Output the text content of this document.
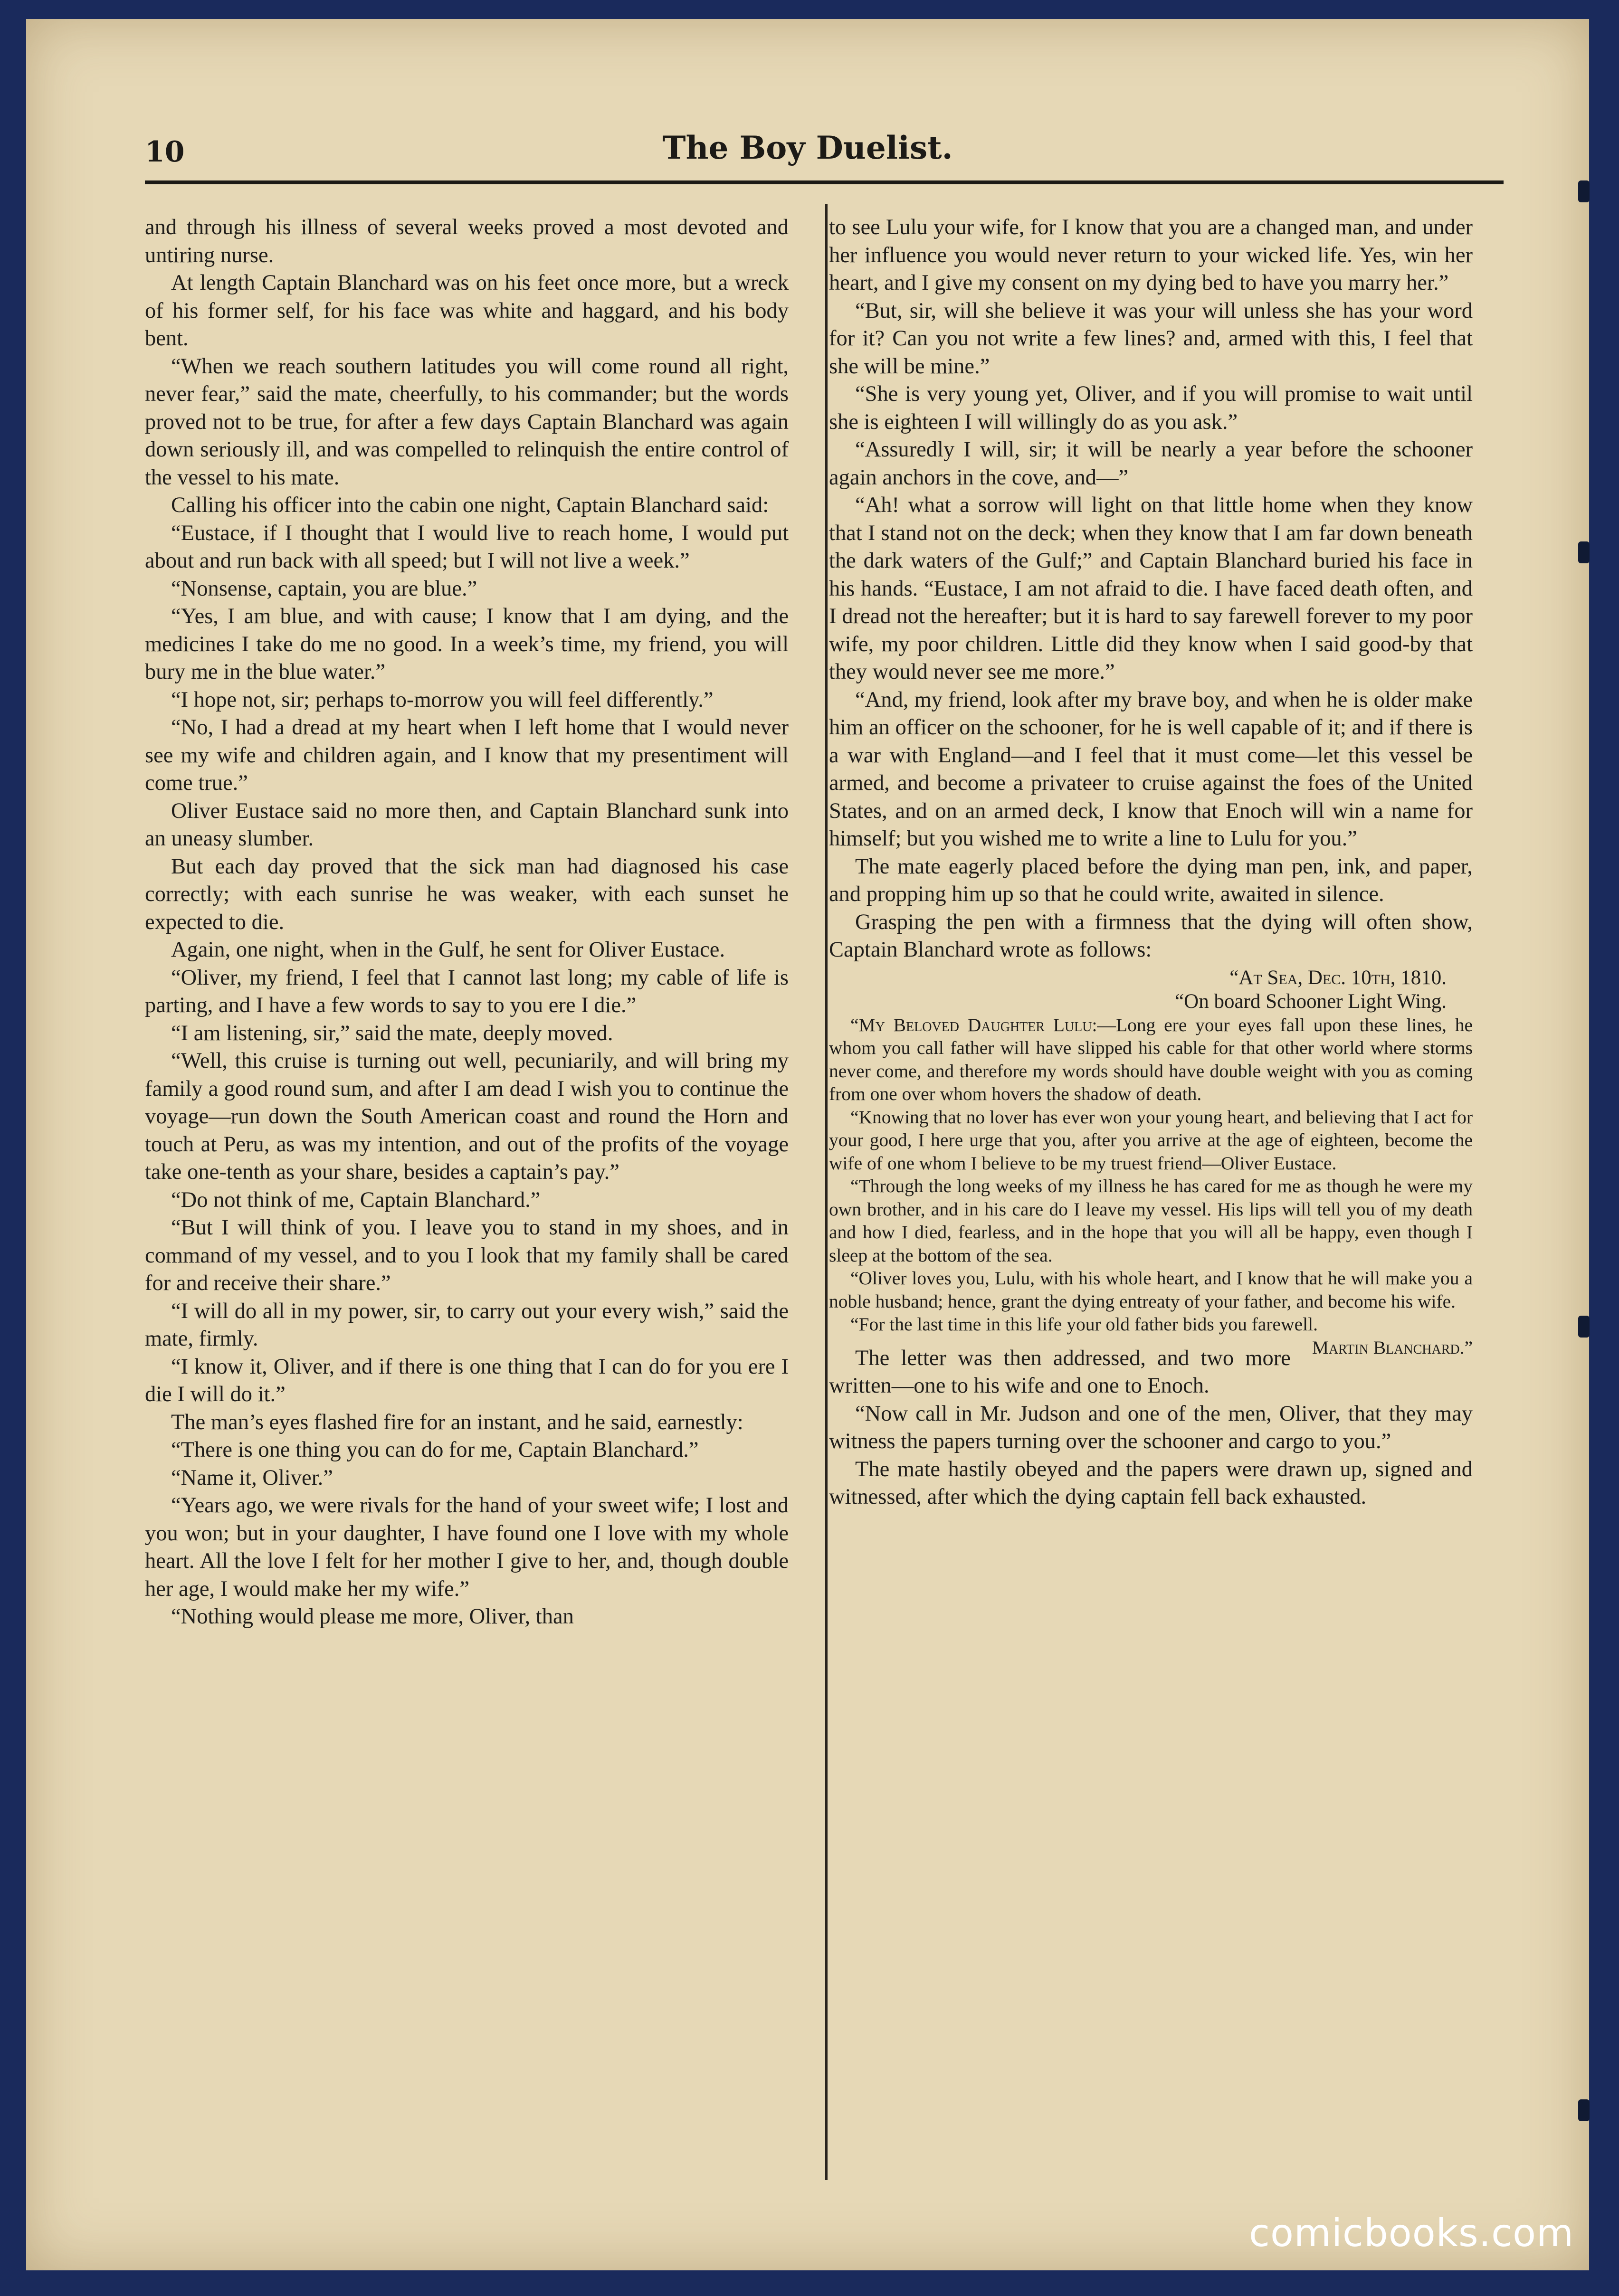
10	The Boy Duelist.

and through his illness of several weeks proved a most devoted and untiring nurse.

At length Captain Blanchard was on his feet once more, but a wreck of his former self, for his face was white and haggard, and his body bent.

“When we reach southern latitudes you will come round all right, never fear,” said the mate, cheerfully, to his commander; but the words proved not to be true, for after a few days Captain Blanchard was again down seriously ill, and was compelled to relinquish the entire control of the vessel to his mate.

Calling his officer into the cabin one night, Captain Blanchard said:

“Eustace, if I thought that I would live to reach home, I would put about and run back with all speed; but I will not live a week.”

“Nonsense, captain, you are blue.”

“Yes, I am blue, and with cause; I know that I am dying, and the medicines I take do me no good. In a week’s time, my friend, you will bury me in the blue water.”

“I hope not, sir; perhaps to-morrow you will feel differently.”

“No, I had a dread at my heart when I left home that I would never see my wife and children again, and I know that my presentiment will come true.”

Oliver Eustace said no more then, and Captain Blanchard sunk into an uneasy slumber.

But each day proved that the sick man had diagnosed his case correctly; with each sunrise he was weaker, with each sunset he expected to die.

Again, one night, when in the Gulf, he sent for Oliver Eustace.

“Oliver, my friend, I feel that I cannot last long; my cable of life is parting, and I have a few words to say to you ere I die.”

“I am listening, sir,” said the mate, deeply moved.

“Well, this cruise is turning out well, pecuniarily, and will bring my family a good round sum, and after I am dead I wish you to continue the voyage—run down the South American coast and round the Horn and touch at Peru, as was my intention, and out of the profits of the voyage take one-tenth as your share, besides a captain’s pay.”

“Do not think of me, Captain Blanchard.”

“But I will think of you. I leave you to stand in my shoes, and in command of my vessel, and to you I look that my family shall be cared for and receive their share.”

“I will do all in my power, sir, to carry out your every wish,” said the mate, firmly.

“I know it, Oliver, and if there is one thing that I can do for you ere I die I will do it.”

The man’s eyes flashed fire for an instant, and he said, earnestly:

“There is one thing you can do for me, Captain Blanchard.”

“Name it, Oliver.”

“Years ago, we were rivals for the hand of your sweet wife; I lost and you won; but in your daughter, I have found one I love with my whole heart. All the love I felt for her mother I give to her, and, though double her age, I would make her my wife.”

“Nothing would please me more, Oliver, than

to see Lulu your wife, for I know that you are a changed man, and under her influence you would never return to your wicked life. Yes, win her heart, and I give my consent on my dying bed to have you marry her.”

“But, sir, will she believe it was your will unless she has your word for it? Can you not write a few lines? and, armed with this, I feel that she will be mine.”

“She is very young yet, Oliver, and if you will promise to wait until she is eighteen I will willingly do as you ask.”

“Assuredly I will, sir; it will be nearly a year before the schooner again anchors in the cove, and—”

“Ah! what a sorrow will light on that little home when they know that I stand not on the deck; when they know that I am far down beneath the dark waters of the Gulf;” and Captain Blanchard buried his face in his hands. “Eustace, I am not afraid to die. I have faced death often, and I dread not the hereafter; but it is hard to say farewell forever to my poor wife, my poor children. Little did they know when I said good-by that they would never see me more.”

“And, my friend, look after my brave boy, and when he is older make him an officer on the schooner, for he is well capable of it; and if there is a war with England—and I feel that it must come—let this vessel be armed, and become a privateer to cruise against the foes of the United States, and on an armed deck, I know that Enoch will win a name for himself; but you wished me to write a line to Lulu for you.”

The mate eagerly placed before the dying man pen, ink, and paper, and propping him up so that he could write, awaited in silence.

Grasping the pen with a firmness that the dying will often show, Captain Blanchard wrote as follows:

“At Sea, Dec. 10th, 1810.
“On board Schooner Light Wing.

“My Beloved Daughter Lulu:—Long ere your eyes fall upon these lines, he whom you call father will have slipped his cable for that other world where storms never come, and therefore my words should have double weight with you as coming from one over whom hovers the shadow of death.

“Knowing that no lover has ever won your young heart, and believing that I act for your good, I here urge that you, after you arrive at the age of eighteen, become the wife of one whom I believe to be my truest friend—Oliver Eustace.

“Through the long weeks of my illness he has cared for me as though he were my own brother, and in his care do I leave my vessel. His lips will tell you of my death and how I died, fearless, and in the hope that you will all be happy, even though I sleep at the bottom of the sea.

“Oliver loves you, Lulu, with his whole heart, and I know that he will make you a noble husband; hence, grant the dying entreaty of your father, and become his wife.

“For the last time in this life your old father bids you farewell.
Martin Blanchard.”

The letter was then addressed, and two more written—one to his wife and one to Enoch.

“Now call in Mr. Judson and one of the men, Oliver, that they may witness the papers turning over the schooner and cargo to you.”

The mate hastily obeyed and the papers were drawn up, signed and witnessed, after which the dying captain fell back exhausted.

comicbooks.com
